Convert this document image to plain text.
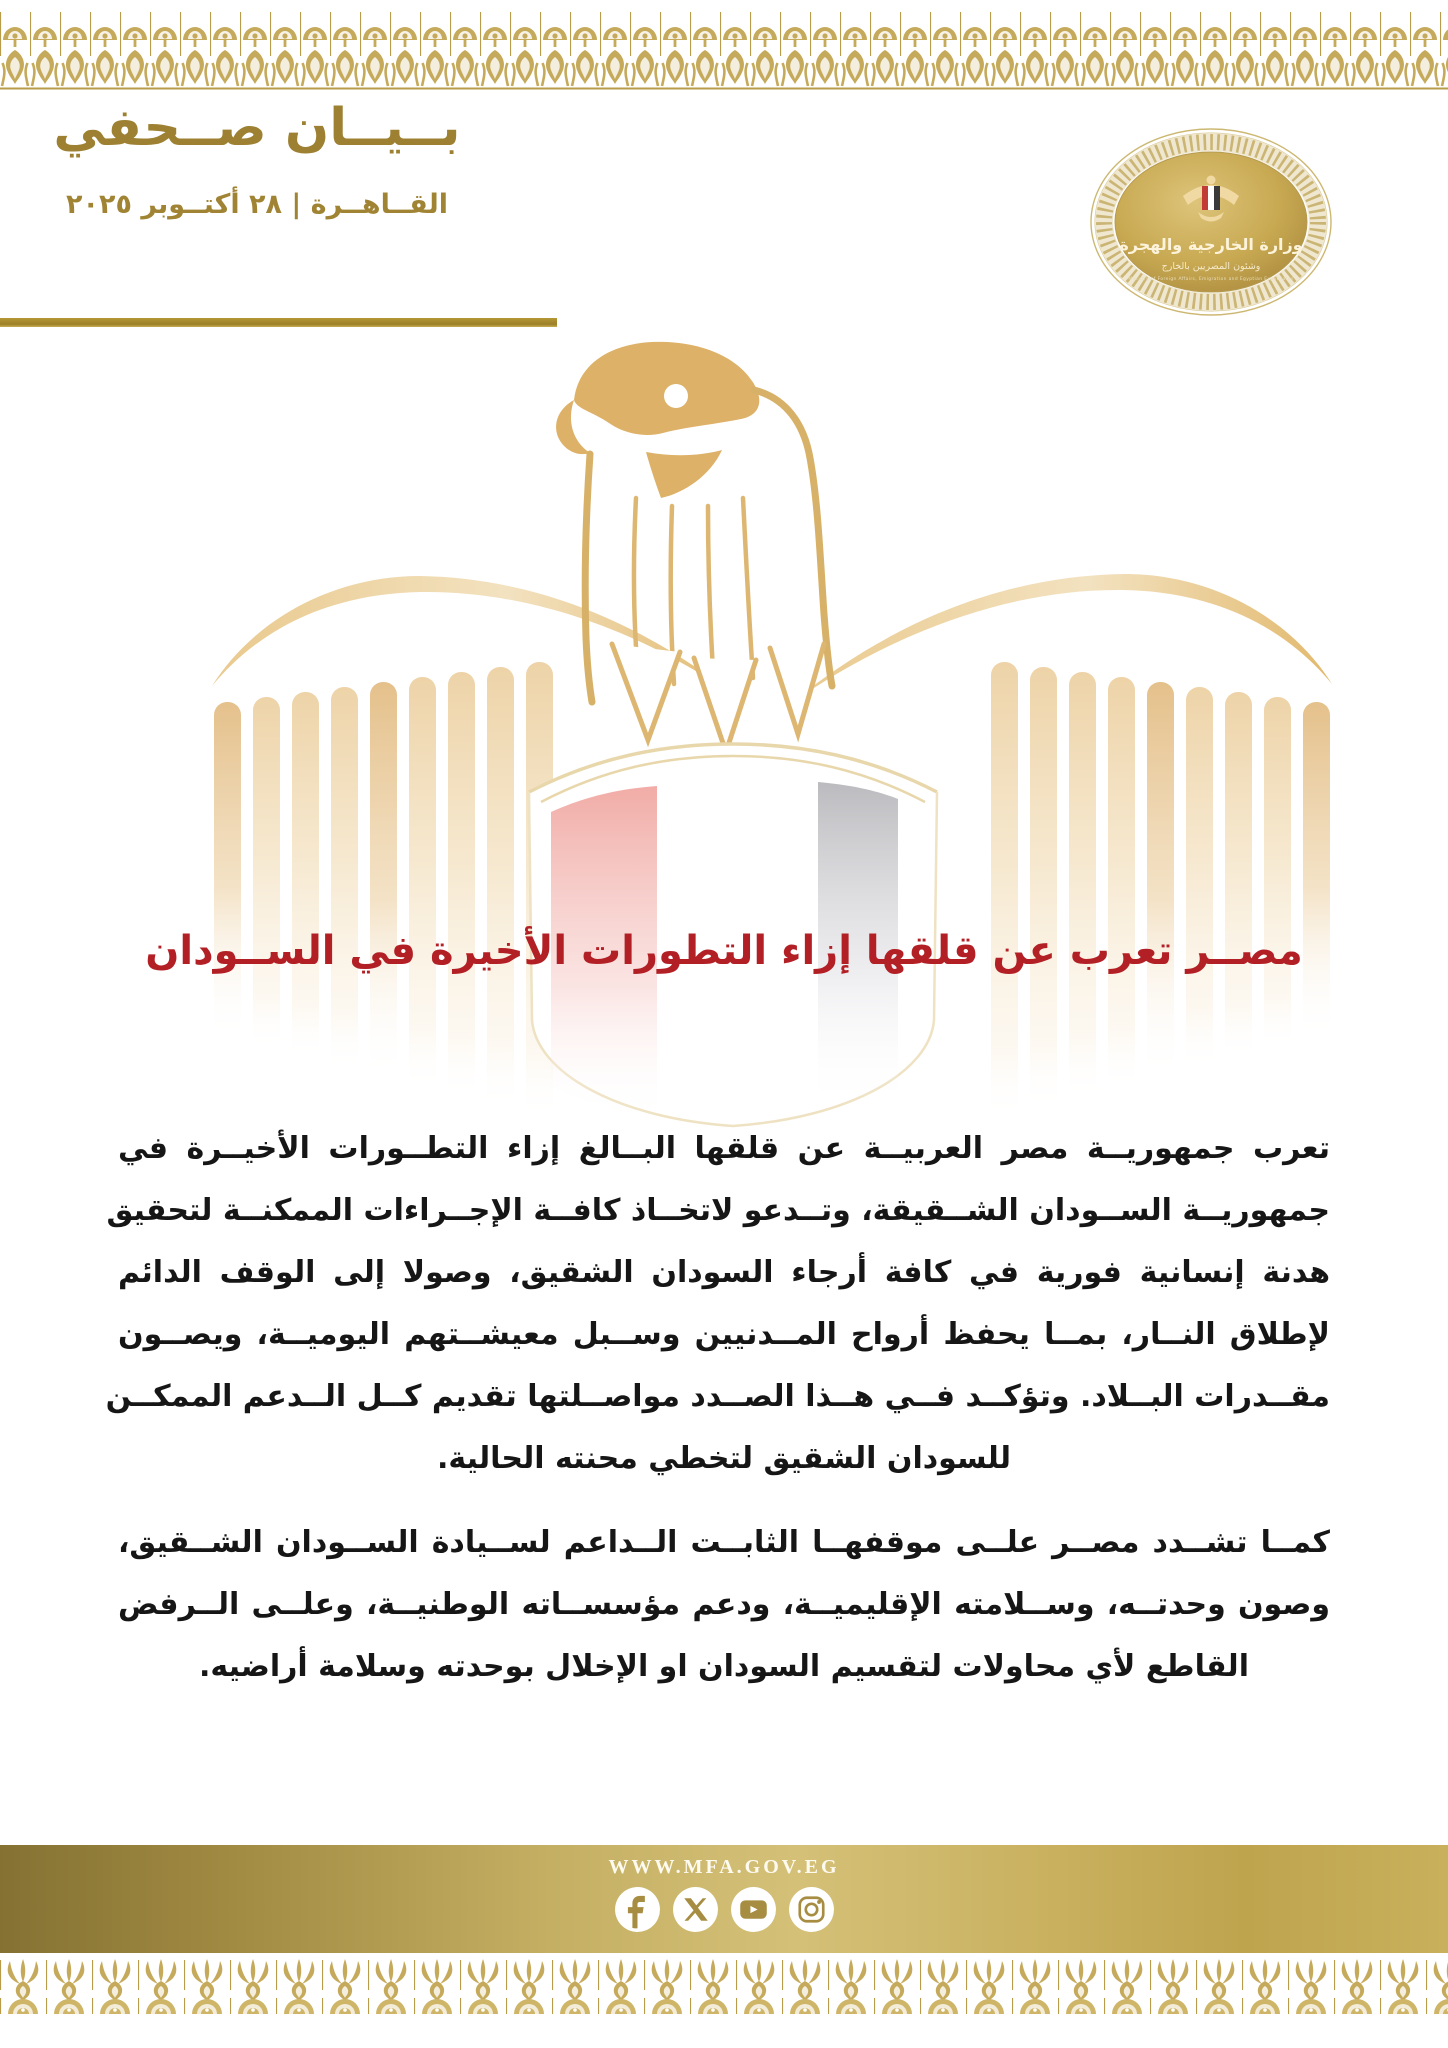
بــيــان صــحفي
القــاهــرة | ٢٨ أكتــوبر ٢٠٢٥
وزارة الخارجية والهجرة
وشئون المصريين بالخارج
Ministry of Foreign Affairs, Emigration and Egyptian Expatriates
مصــر تعرب عن قلقها إزاء التطورات الأخيرة في الســودان
تعرب جمهوريــة مصر العربيــة عن قلقها البــالغ إزاء التطــورات الأخيــرة في
جمهوريــة الســودان الشــقيقة، وتــدعو لاتخــاذ كافــة الإجــراءات الممكنــة لتحقيق
هدنة إنسانية فورية في كافة أرجاء السودان الشقيق، وصولا إلى الوقف الدائم
لإطلاق النــار، بمــا يحفظ أرواح المــدنيين وســبل معيشــتهم اليوميــة، ويصــون
مقــدرات البــلاد. وتؤكــد فــي هــذا الصــدد مواصــلتها تقديم كــل الــدعم الممكــن
للسودان الشقيق لتخطي محنته الحالية.
كمــا تشــدد مصــر علــى موقفهــا الثابــت الــداعم لســيادة الســودان الشــقيق،
وصون وحدتــه، وســلامته الإقليميــة، ودعم مؤسســاته الوطنيــة، وعلــى الــرفض
القاطع لأي محاولات لتقسيم السودان او الإخلال بوحدته وسلامة أراضيه.
WWW.MFA.GOV.EG
